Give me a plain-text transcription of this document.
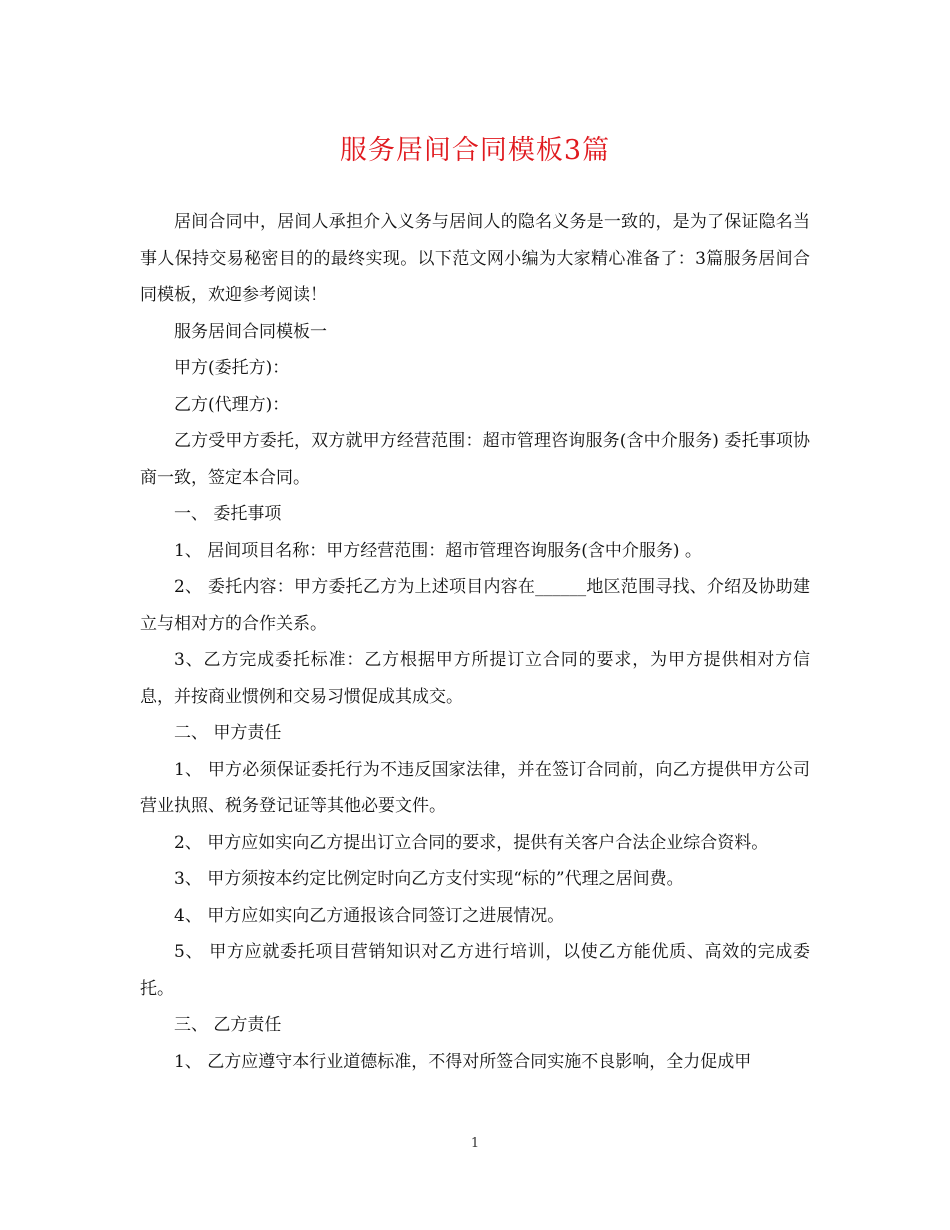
服务居间合同模板3篇

居间合同中，居间人承担介入义务与居间人的隐名义务是一致的，是为了保证隐名当事人保持交易秘密目的的最终实现。以下范文网小编为大家精心准备了：3篇服务居间合同模板，欢迎参考阅读！

服务居间合同模板一

甲方(委托方)：

乙方(代理方)：

乙方受甲方委托，双方就甲方经营范围：超市管理咨询服务(含中介服务) 委托事项协商一致，签定本合同。

一、 委托事项

1、 居间项目名称：甲方经营范围：超市管理咨询服务(含中介服务) 。

2、 委托内容：甲方委托乙方为上述项目内容在______地区范围寻找、介绍及协助建立与相对方的合作关系。

3、乙方完成委托标准：乙方根据甲方所提订立合同的要求，为甲方提供相对方信息，并按商业惯例和交易习惯促成其成交。

二、 甲方责任

1、 甲方必须保证委托行为不违反国家法律，并在签订合同前，向乙方提供甲方公司营业执照、税务登记证等其他必要文件。

2、 甲方应如实向乙方提出订立合同的要求，提供有关客户合法企业综合资料。

3、 甲方须按本约定比例定时向乙方支付实现“标的”代理之居间费。

4、 甲方应如实向乙方通报该合同签订之进展情况。

5、 甲方应就委托项目营销知识对乙方进行培训，以使乙方能优质、高效的完成委托。

三、 乙方责任

1、 乙方应遵守本行业道德标准，不得对所签合同实施不良影响，全力促成甲

1
